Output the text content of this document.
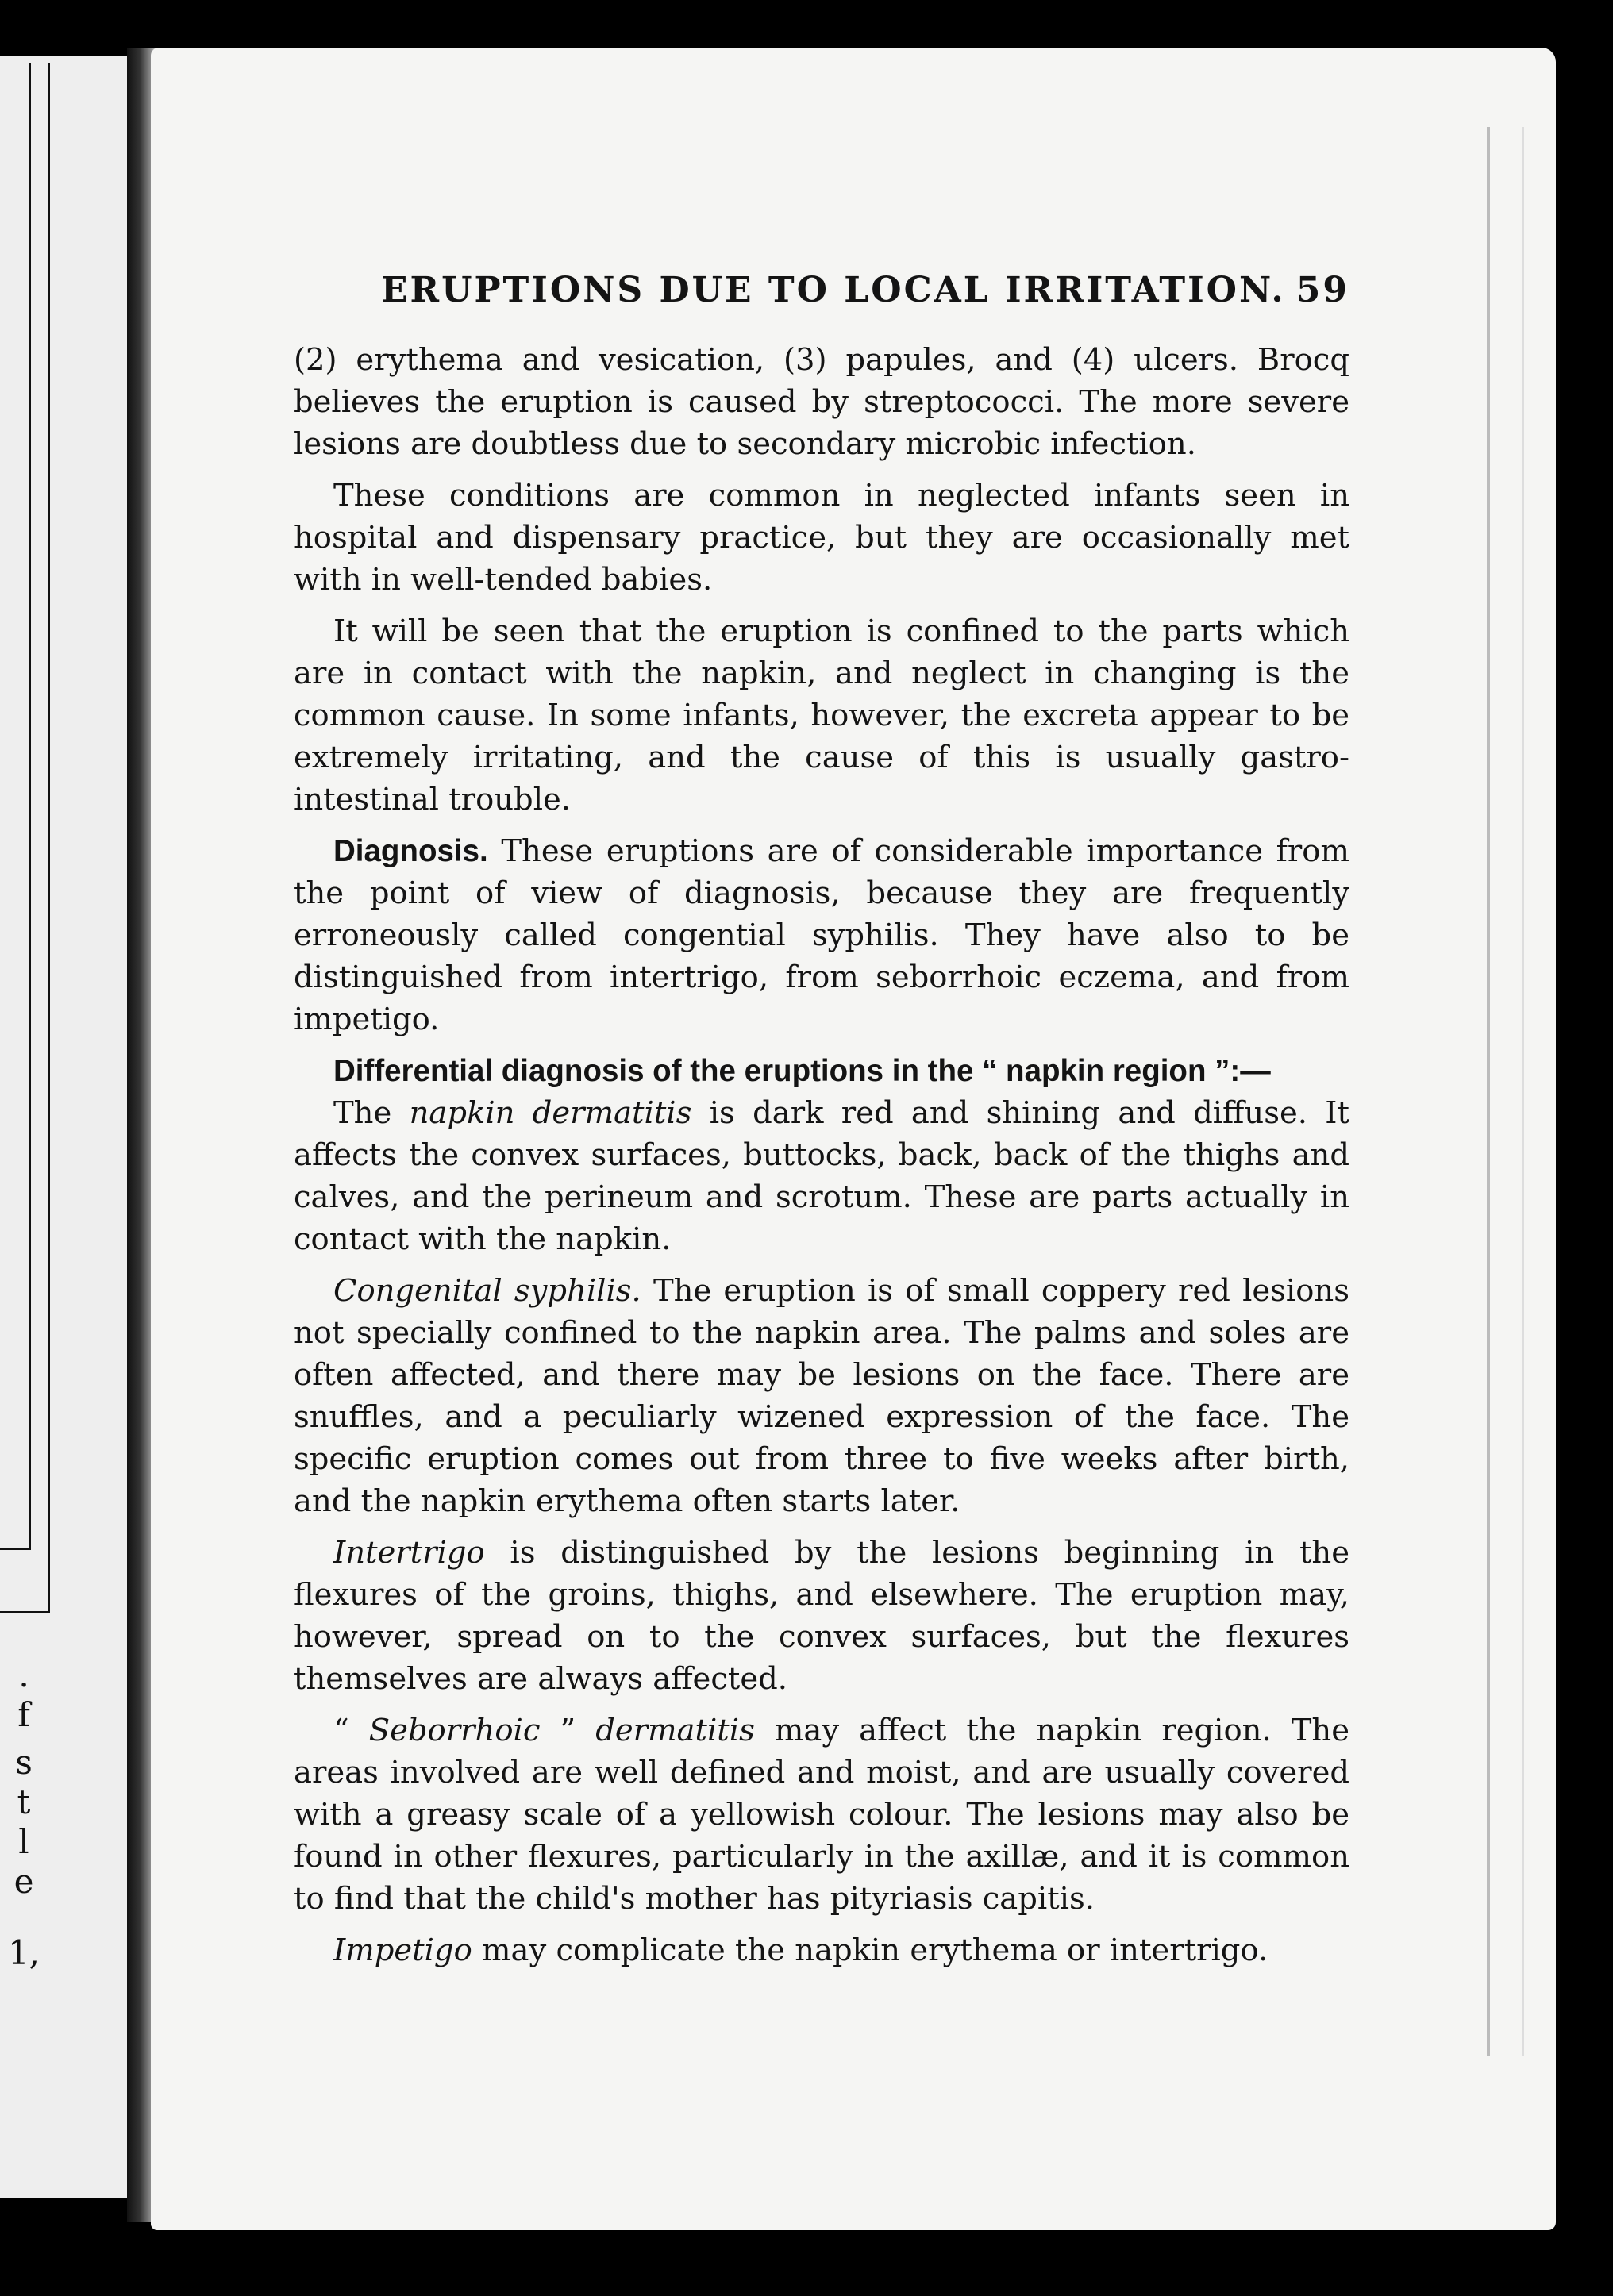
.
f
s
t
l
e
1,
ERUPTIONS DUE TO LOCAL IRRITATION. 59

(2) erythema and vesication, (3) papules, and (4) ulcers. Brocq believes the eruption is caused by streptococci. The more severe lesions are doubtless due to secondary microbic infection.

These conditions are common in neglected infants seen in hospital and dispensary practice, but they are occasionally met with in well-tended babies.

It will be seen that the eruption is confined to the parts which are in contact with the napkin, and neglect in changing is the common cause. In some infants, however, the excreta appear to be extremely irritating, and the cause of this is usually gastro-intestinal trouble.

Diagnosis. These eruptions are of considerable importance from the point of view of diagnosis, because they are frequently erroneously called congential syphilis. They have also to be distinguished from intertrigo, from seborrhoic eczema, and from impetigo.

Differential diagnosis of the eruptions in the “ napkin region ”:—

The napkin dermatitis is dark red and shining and diffuse. It affects the convex surfaces, buttocks, back, back of the thighs and calves, and the perineum and scrotum. These are parts actually in contact with the napkin.

Congenital syphilis. The eruption is of small coppery red lesions not specially confined to the napkin area. The palms and soles are often affected, and there may be lesions on the face. There are snuffles, and a peculiarly wizened expression of the face. The specific eruption comes out from three to five weeks after birth, and the napkin erythema often starts later.

Intertrigo is distinguished by the lesions beginning in the flexures of the groins, thighs, and elsewhere. The eruption may, however, spread on to the convex surfaces, but the flexures themselves are always affected.

“ Seborrhoic ” dermatitis may affect the napkin region. The areas involved are well defined and moist, and are usually covered with a greasy scale of a yellowish colour. The lesions may also be found in other flexures, particularly in the axillæ, and it is common to find that the child's mother has pityriasis capitis.

Impetigo may complicate the napkin erythema or intertrigo.
